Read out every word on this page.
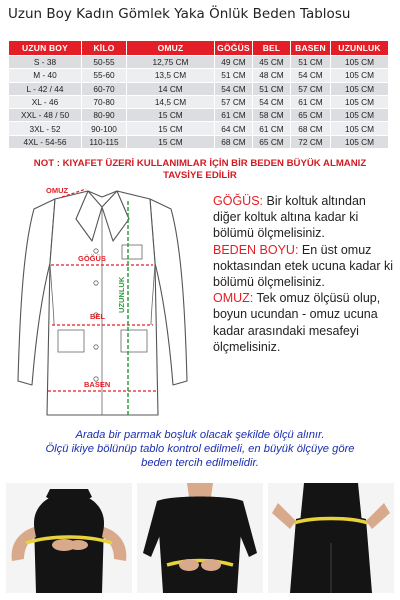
Uzun Boy Kadın Gömlek Yaka Önlük Beden Tablosu
UZUN BOY	KİLO	OMUZ	GÖĞÜS	BEL	BASEN	UZUNLUK
S - 38	50-55	12,75 CM	49 CM	45 CM	51 CM	105 CM
M - 40	55-60	13,5 CM	51 CM	48 CM	54 CM	105 CM
L - 42 / 44	60-70	14 CM	54 CM	51 CM	57 CM	105 CM
XL - 46	70-80	14,5 CM	57 CM	54 CM	61 CM	105 CM
XXL - 48 / 50	80-90	15 CM	61 CM	58 CM	65 CM	105 CM
3XL - 52	90-100	15 CM	64 CM	61 CM	68 CM	105 CM
4XL - 54-56	110-115	15 CM	68 CM	65 CM	72 CM	105 CM
NOT : KIYAFET ÜZERİ KULLANIMLAR İÇİN BİR BEDEN BÜYÜK ALMANIZ
TAVSİYE EDİLİR
OMUZ
GÖĞÜS
BEL
BASEN
UZUNLUK
GÖĞÜS: Bir koltuk altından diğer koltuk altına kadar ki bölümü ölçmelisiniz.
BEDEN BOYU: En üst omuz noktasından etek ucuna kadar ki bölümü ölçmelisiniz.
OMUZ: Tek omuz ölçüsü olup, boyun ucundan - omuz ucuna kadar arasındaki mesafeyi ölçmelisiniz.
Arada bir parmak boşluk olacak şekilde ölçü alınır.
Ölçü ikiye bölünüp tablo kontrol edilmeli, en büyük ölçüye göre
beden tercih edilmelidir.
